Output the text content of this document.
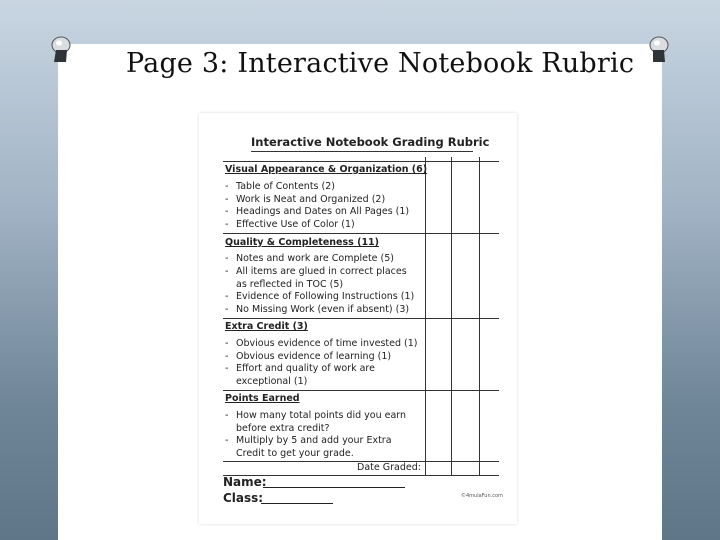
Page 3: Interactive Notebook Rubric
Interactive Notebook Grading Rubric
Visual Appearance & Organization (6)
- Table of Contents (2)
- Work is Neat and Organized (2)
- Headings and Dates on All Pages (1)
- Effective Use of Color (1)
Quality & Completeness (11)
- Notes and work are Complete (5)
- All items are glued in correct places
as reflected in TOC (5)
- Evidence of Following Instructions (1)
- No Missing Work (even if absent) (3)
Extra Credit (3)
- Obvious evidence of time invested (1)
- Obvious evidence of learning (1)
- Effort and quality of work are
exceptional (1)
Points Earned
- How many total points did you earn
before extra credit?
- Multiply by 5 and add your Extra
Credit to get your grade.
Date Graded:
Name:
Class:	©4mulaFun.com
